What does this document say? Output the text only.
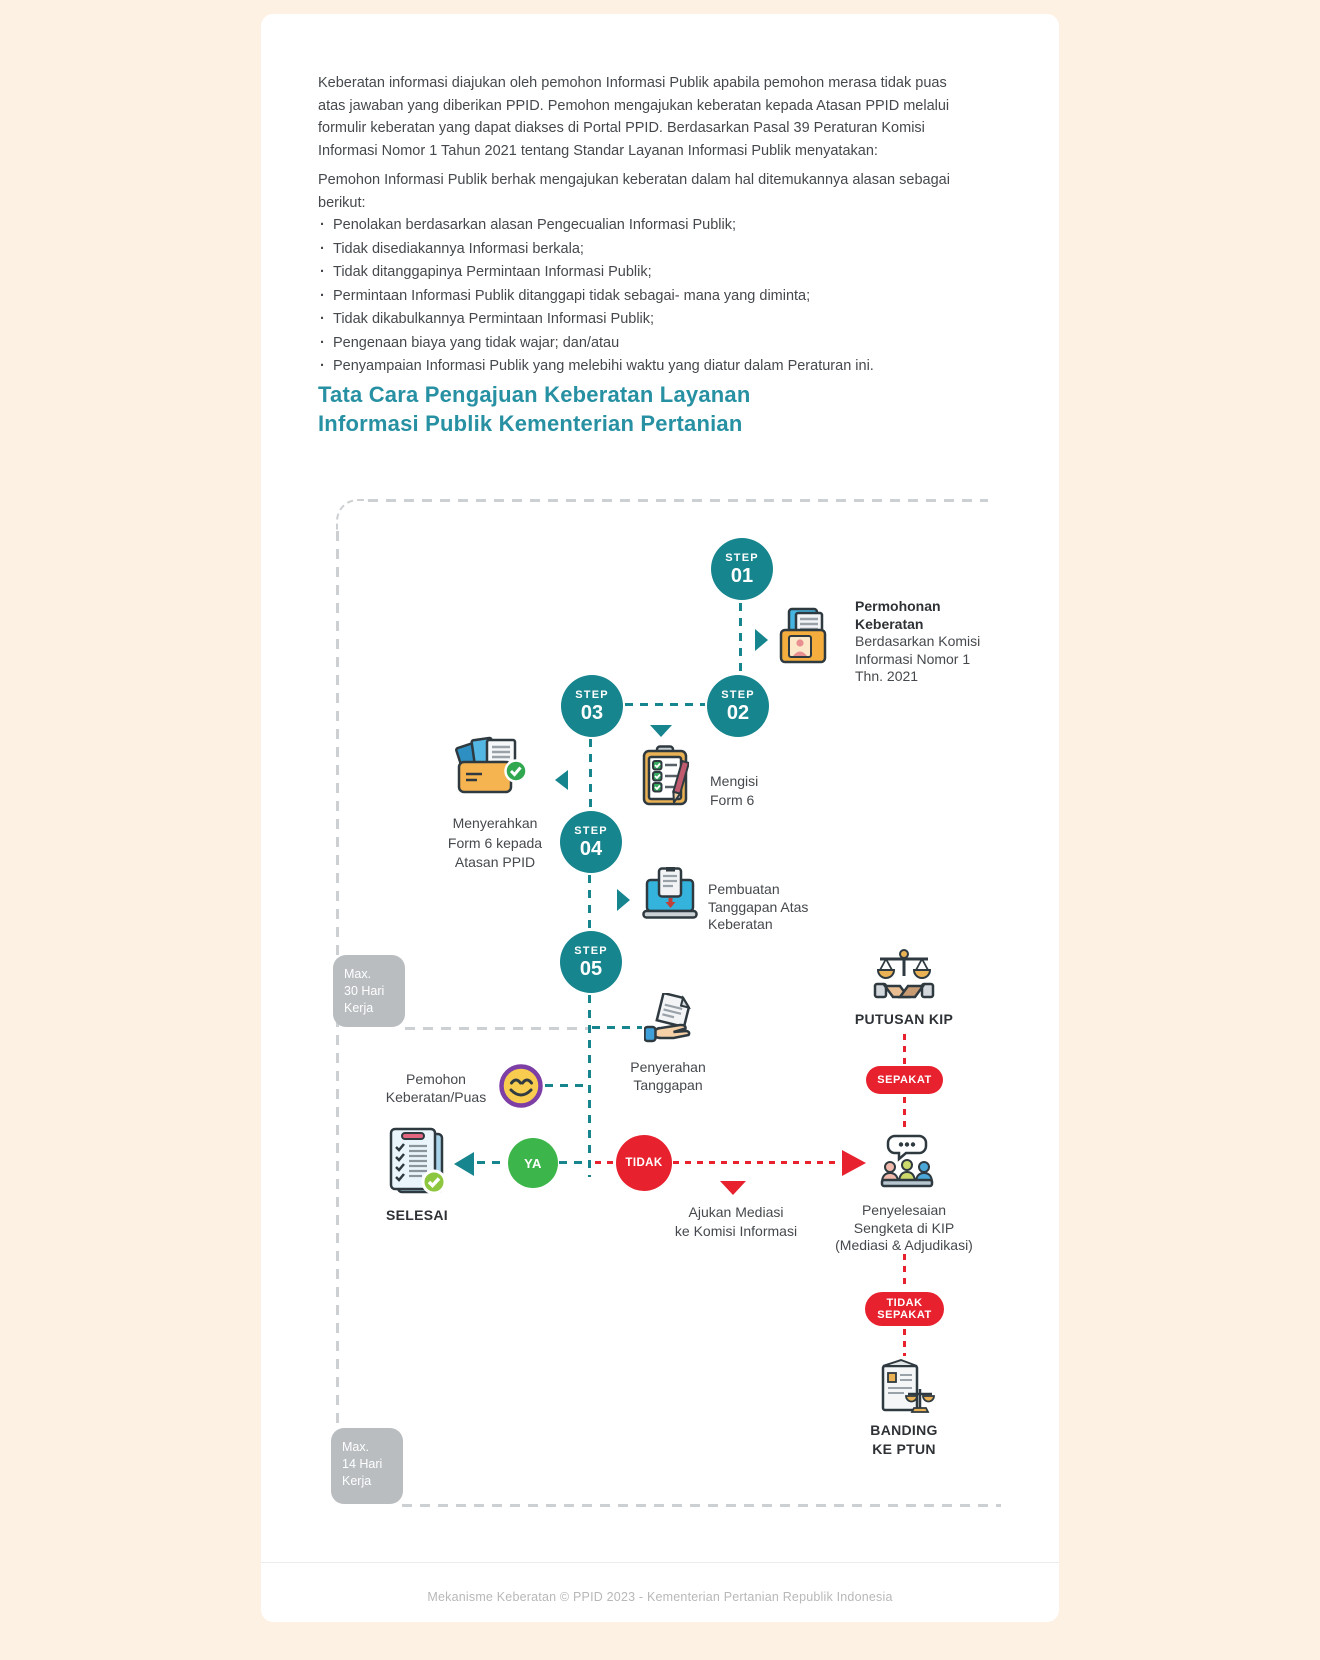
Keberatan informasi diajukan oleh pemohon Informasi Publik apabila pemohon merasa tidak puas
atas jawaban yang diberikan PPID. Pemohon mengajukan keberatan kepada Atasan PPID melalui
formulir keberatan yang dapat diakses di Portal PPID. Berdasarkan Pasal 39 Peraturan Komisi
Informasi Nomor 1 Tahun 2021 tentang Standar Layanan Informasi Publik menyatakan:
Pemohon Informasi Publik berhak mengajukan keberatan dalam hal ditemukannya alasan sebagai
berikut:
· Penolakan berdasarkan alasan Pengecualian Informasi Publik;
· Tidak disediakannya Informasi berkala;
· Tidak ditanggapinya Permintaan Informasi Publik;
· Permintaan Informasi Publik ditanggapi tidak sebagai- mana yang diminta;
· Tidak dikabulkannya Permintaan Informasi Publik;
· Pengenaan biaya yang tidak wajar; dan/atau
· Penyampaian Informasi Publik yang melebihi waktu yang diatur dalam Peraturan ini.
Tata Cara Pengajuan Keberatan Layanan
Informasi Publik Kementerian Pertanian
Max.
30 Hari
Kerja
Max.
14 Hari
Kerja
STEP
01
STEP
02
STEP
03
STEP
04
STEP
05
Permohonan
Keberatan
Berdasarkan Komisi
Informasi Nomor 1
Thn. 2021
Mengisi
Form 6
Menyerahkan
Form 6 kepada
Atasan PPID
Pembuatan
Tanggapan Atas
Keberatan
Penyerahan
Tanggapan
Pemohon
Keberatan/Puas
SELESAI
YA	TIDAK
Ajukan Mediasi
ke Komisi Informasi
PUTUSAN KIP
SEPAKAT
Penyelesaian
Sengketa di KIP
(Mediasi & Adjudikasi)
TIDAK
SEPAKAT
BANDING
KE PTUN
Mekanisme Keberatan © PPID 2023 - Kementerian Pertanian Republik Indonesia
